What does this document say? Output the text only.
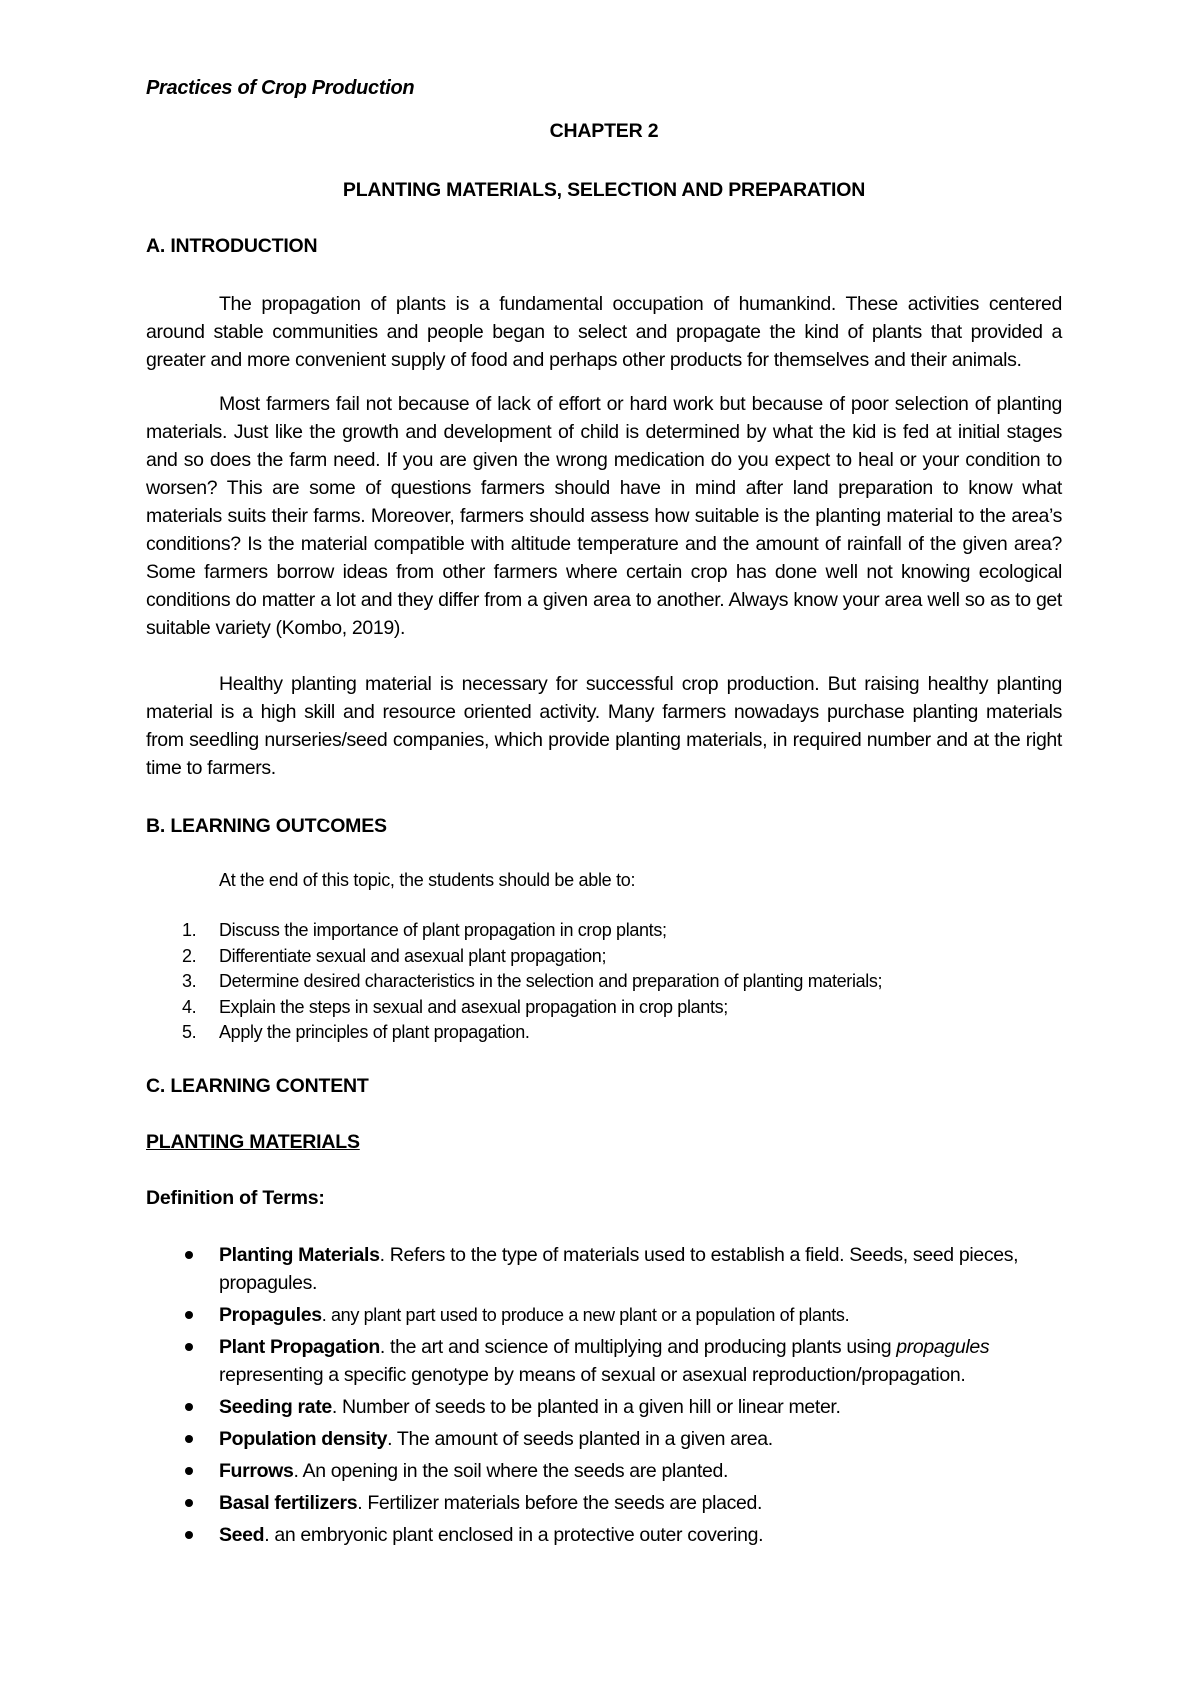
Practices of Crop Production
CHAPTER 2
PLANTING MATERIALS, SELECTION AND PREPARATION
A. INTRODUCTION

The propagation of plants is a fundamental occupation of humankind. These activities centered around stable communities and people began to select and propagate the kind of plants that provided a greater and more convenient supply of food and perhaps other products for themselves and their animals.

Most farmers fail not because of lack of effort or hard work but because of poor selection of planting materials. Just like the growth and development of child is determined by what the kid is fed at initial stages and so does the farm need. If you are given the wrong medication do you expect to heal or your condition to worsen? This are some of questions farmers should have in mind after land preparation to know what materials suits their farms. Moreover, farmers should assess how suitable is the planting material to the area’s conditions? Is the material compatible with altitude temperature and the amount of rainfall of the given area? Some farmers borrow ideas from other farmers where certain crop has done well not knowing ecological conditions do matter a lot and they differ from a given area to another. Always know your area well so as to get suitable variety (Kombo, 2019).

Healthy planting material is necessary for successful crop production. But raising healthy planting material is a high skill and resource oriented activity. Many farmers nowadays purchase planting materials from seedling nurseries/seed companies, which provide planting materials, in required number and at the right time to farmers.

B. LEARNING OUTCOMES
At the end of this topic, the students should be able to:
1. Discuss the importance of plant propagation in crop plants;
2. Differentiate sexual and asexual plant propagation;
3. Determine desired characteristics in the selection and preparation of planting materials;
4. Explain the steps in sexual and asexual propagation in crop plants;
5. Apply the principles of plant propagation.
C. LEARNING CONTENT
PLANTING MATERIALS
Definition of Terms:
Planting Materials. Refers to the type of materials used to establish a field. Seeds, seed pieces, propagules.
Propagules. any plant part used to produce a new plant or a population of plants.
Plant Propagation. the art and science of multiplying and producing plants using propagules representing a specific genotype by means of sexual or asexual reproduction/propagation.
Seeding rate. Number of seeds to be planted in a given hill or linear meter.
Population density. The amount of seeds planted in a given area.
Furrows. An opening in the soil where the seeds are planted.
Basal fertilizers. Fertilizer materials before the seeds are placed.
Seed. an embryonic plant enclosed in a protective outer covering.
